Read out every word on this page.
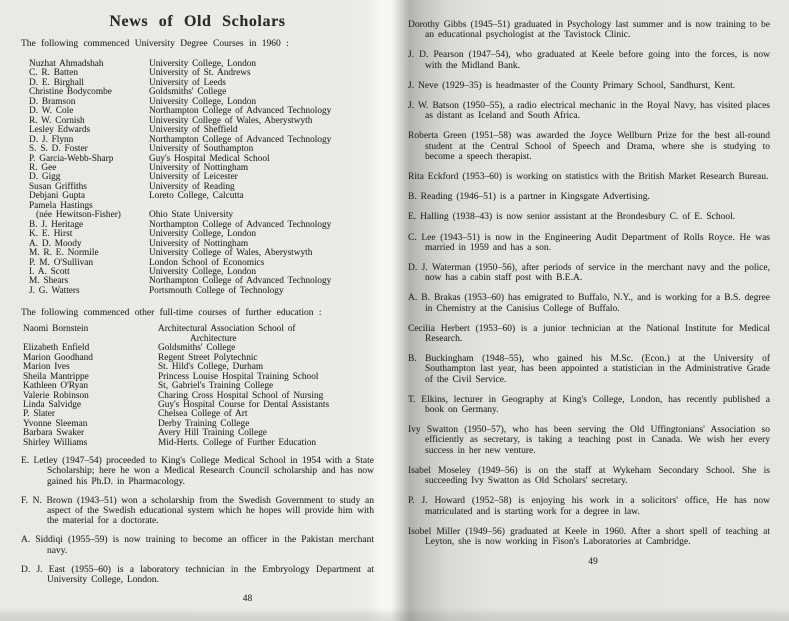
News of Old Scholars

The following commenced University Degree Courses in 1960 :

Nuzhat Ahmadshah	University College, London
C. R. Batten	University of St. Andrews
D. E. Birghall	University of Leeds
Christine Bodycombe	Goldsmiths' College
D. Bramson	University College, London
D. W. Cole	Northampton College of Advanced Technology
R. W. Cornish	University College of Wales, Aberystwyth
Lesley Edwards	University of Sheffield
D. J. Flynn	Northampton College of Advanced Technology
S. S. D. Foster	University of Southampton
P. Garcia-Webb-Sharp	Guy's Hospital Medical School
R. Gee	University of Nottingham
D. Gigg	University of Leicester
Susan Griffiths	University of Reading
Debjani Gupta	Loreto College, Calcutta
Pamela Hastings
(née Hewitson-Fisher)	Ohio State University
B. J. Heritage	Northampton College of Advanced Technology
K. E. Hirst	University College, London
A. D. Moody	University of Nottingham
M. R. E. Normile	University College of Wales, Aberystwyth
P. M. O'Sullivan	London School of Economics
I. A. Scott	University College, London
M. Shears	Northampton College of Advanced Technology
J. G. Watters	Portsmouth College of Technology

The following commenced other full-time courses of further education :

Naomi Bornstein	Architectural Association School of
Architecture
Elizabeth Enfield	Goldsmiths' College
Marion Goodhand	Regent Street Polytechnic
Marion Ives	St. Hild's College, Durham
Sheila Mantrippe	Princess Louise Hospital Training School
Kathleen O'Ryan	St, Gabriel's Training College
Valerie Robinson	Charing Cross Hospital School of Nursing
Linda Salvidge	Guy's Hospital Course for Dental Assistants
P. Slater	Chelsea College of Art
Yvonne Sleeman	Derby Training College
Barbara Swaker	Avery Hill Training College
Shirley Williams	Mid-Herts. College of Further Education

E. Letley (1947–54) proceeded to King's College Medical School in 1954 with a State Scholarship; here he won a Medical Research Council scholarship and has now gained his Ph.D. in Pharmacology.

F. N. Brown (1943–51) won a scholarship from the Swedish Government to study an aspect of the Swedish educational system which he hopes will provide him with the material for a doctorate.

A. Siddiqi (1955–59) is now training to become an officer in the Pakistan merchant navy.

D. J. East (1955–60) is a laboratory technician in the Embryology Department at University College, London.

48

Dorothy Gibbs (1945–51) graduated in Psychology last summer and is now training to be an educational psychologist at the Tavistock Clinic.

J. D. Pearson (1947–54), who graduated at Keele before going into the forces, is now with the Midland Bank.

J. Neve (1929–35) is headmaster of the County Primary School, Sandhurst, Kent.

J. W. Batson (1950–55), a radio electrical mechanic in the Royal Navy, has visited places as distant as Iceland and South Africa.

Roberta Green (1951–58) was awarded the Joyce Wellburn Prize for the best all-round student at the Central School of Speech and Drama, where she is studying to become a speech therapist.

Rita Eckford (1953–60) is working on statistics with the British Market Research Bureau.

B. Reading (1946–51) is a partner in Kingsgate Advertising.

E. Halling (1938–43) is now senior assistant at the Brondesbury C. of E. School.

C. Lee (1943–51) is now in the Engineering Audit Department of Rolls Royce. He was married in 1959 and has a son.

D. J. Waterman (1950–56), after periods of service in the merchant navy and the police, now has a cabin staff post with B.E.A.

A. B. Brakas (1953–60) has emigrated to Buffalo, N.Y., and is working for a B.S. degree in Chemistry at the Canisius College of Buffalo.

Cecilia Herbert (1953–60) is a junior technician at the National Institute for Medical Research.

B. Buckingham (1948–55), who gained his M.Sc. (Econ.) at the University of Southampton last year, has been appointed a statistician in the Administrative Grade of the Civil Service.

T. Elkins, lecturer in Geography at King's College, London, has recently published a book on Germany.

Ivy Swatton (1950–57), who has been serving the Old Uffingtonians' Association so efficiently as secretary, is taking a teaching post in Canada. We wish her every success in her new venture.

Isabel Moseley (1949–56) is on the staff at Wykeham Secondary School. She is succeeding Ivy Swatton as Old Scholars' secretary.

P. J. Howard (1952–58) is enjoying his work in a solicitors' office, He has now matriculated and is starting work for a degree in law.

Isobel Miller (1949–56) graduated at Keele in 1960. After a short spell of teaching at Leyton, she is now working in Fison's Laboratories at Cambridge.

49
